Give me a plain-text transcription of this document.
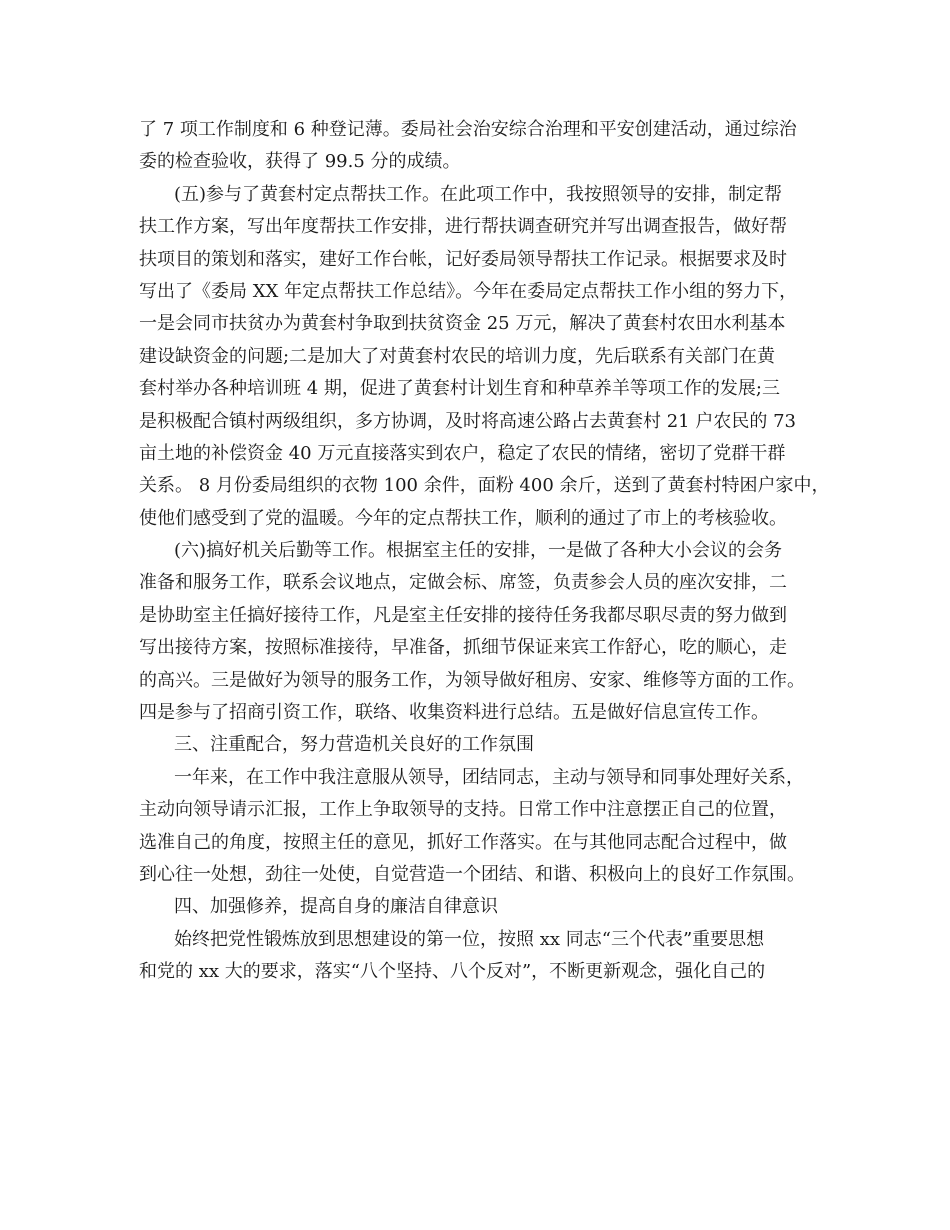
了 7 项工作制度和 6 种登记薄。委局社会治安综合治理和平安创建活动，通过综治

委的检查验收，获得了 99.5 分的成绩。

(五)参与了黄套村定点帮扶工作。在此项工作中，我按照领导的安排，制定帮

扶工作方案，写出年度帮扶工作安排，进行帮扶调查研究并写出调查报告，做好帮

扶项目的策划和落实，建好工作台帐，记好委局领导帮扶工作记录。根据要求及时

写出了《委局 XX 年定点帮扶工作总结》。今年在委局定点帮扶工作小组的努力下，

一是会同市扶贫办为黄套村争取到扶贫资金 25 万元，解决了黄套村农田水利基本

建设缺资金的问题;二是加大了对黄套村农民的培训力度，先后联系有关部门在黄

套村举办各种培训班 4 期，促进了黄套村计划生育和种草养羊等项工作的发展;三

是积极配合镇村两级组织，多方协调，及时将高速公路占去黄套村 21 户农民的 73

亩土地的补偿资金 40 万元直接落实到农户，稳定了农民的情绪，密切了党群干群

关系。 8 月份委局组织的衣物 100 余件，面粉 400 余斤，送到了黄套村特困户家中，

使他们感受到了党的温暖。今年的定点帮扶工作，顺利的通过了市上的考核验收。

(六)搞好机关后勤等工作。根据室主任的安排，一是做了各种大小会议的会务

准备和服务工作，联系会议地点，定做会标、席签，负责参会人员的座次安排，二

是协助室主任搞好接待工作，凡是室主任安排的接待任务我都尽职尽责的努力做到

写出接待方案，按照标准接待，早准备，抓细节保证来宾工作舒心，吃的顺心，走

的高兴。三是做好为领导的服务工作，为领导做好租房、安家、维修等方面的工作。

四是参与了招商引资工作，联络、收集资料进行总结。五是做好信息宣传工作。

三、注重配合，努力营造机关良好的工作氛围

一年来，在工作中我注意服从领导，团结同志，主动与领导和同事处理好关系，

主动向领导请示汇报，工作上争取领导的支持。日常工作中注意摆正自己的位置，

选准自己的角度，按照主任的意见，抓好工作落实。在与其他同志配合过程中，做

到心往一处想，劲往一处使，自觉营造一个团结、和谐、积极向上的良好工作氛围。

四、加强修养，提高自身的廉洁自律意识

始终把党性锻炼放到思想建设的第一位，按照 xx 同志“三个代表”重要思想

和党的 xx 大的要求，落实“八个坚持、八个反对”，不断更新观念，强化自己的
